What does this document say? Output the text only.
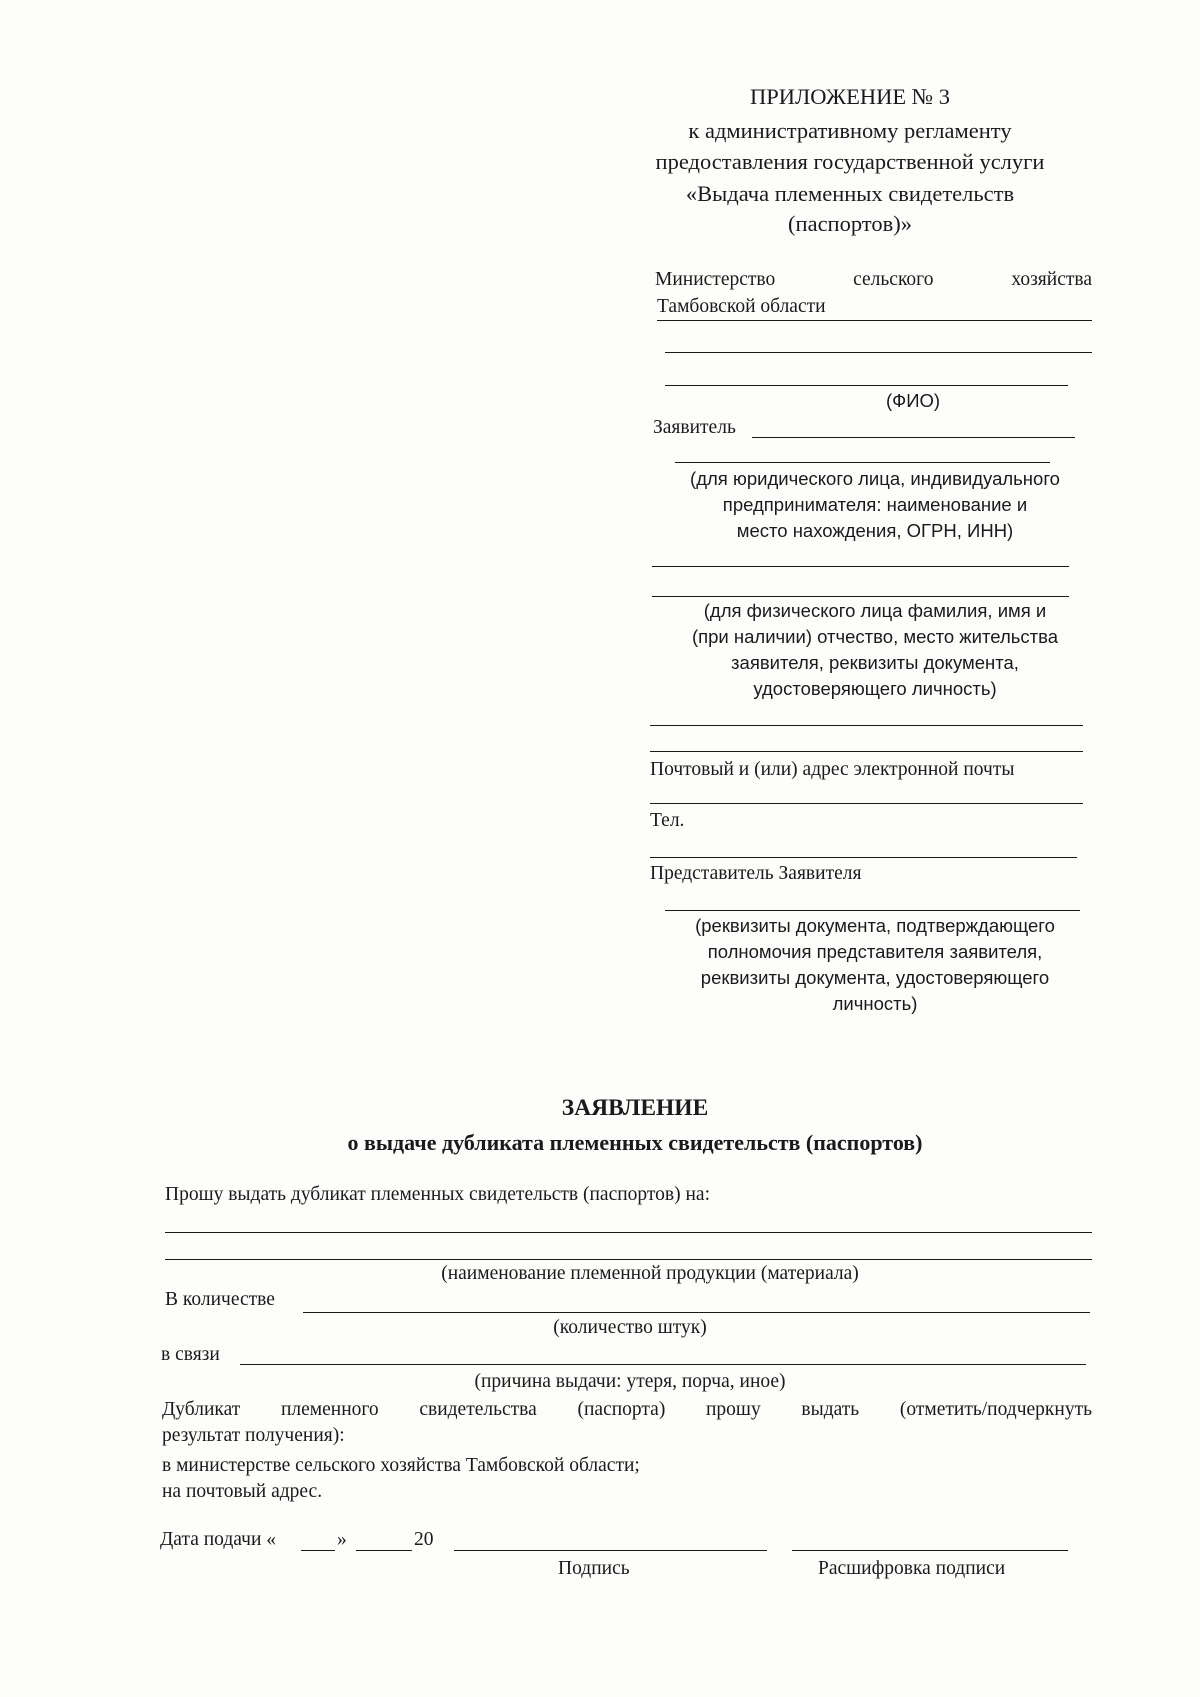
ПРИЛОЖЕНИЕ № 3
к административному регламенту
предоставления государственной услуги
«Выдача племенных свидетельств
(паспортов)»
Министерство	сельского	хозяйства
Тамбовской области
(ФИО)
Заявитель
(для юридического лица, индивидуального
предпринимателя: наименование и
место нахождения, ОГРН, ИНН)
(для физического лица фамилия, имя и
(при наличии) отчество, место жительства
заявителя, реквизиты документа,
удостоверяющего личность)
Почтовый и (или) адрес электронной почты
Тел.
Представитель Заявителя
(реквизиты документа, подтверждающего
полномочия представителя заявителя,
реквизиты документа, удостоверяющего
личность)
ЗАЯВЛЕНИЕ
о выдаче дубликата племенных свидетельств (паспортов)
Прошу выдать дубликат племенных свидетельств (паспортов) на:
(наименование племенной продукции (материала)
В количестве
(количество штук)
в связи
(причина выдачи: утеря, порча, иное)
Дубликат племенного свидетельства (паспорта) прошу выдать (отметить/подчеркнуть
результат получения):
в министерстве сельского хозяйства Тамбовской области;
на почтовый адрес.
Дата подачи «	»	20
Подпись	Расшифровка подписи
